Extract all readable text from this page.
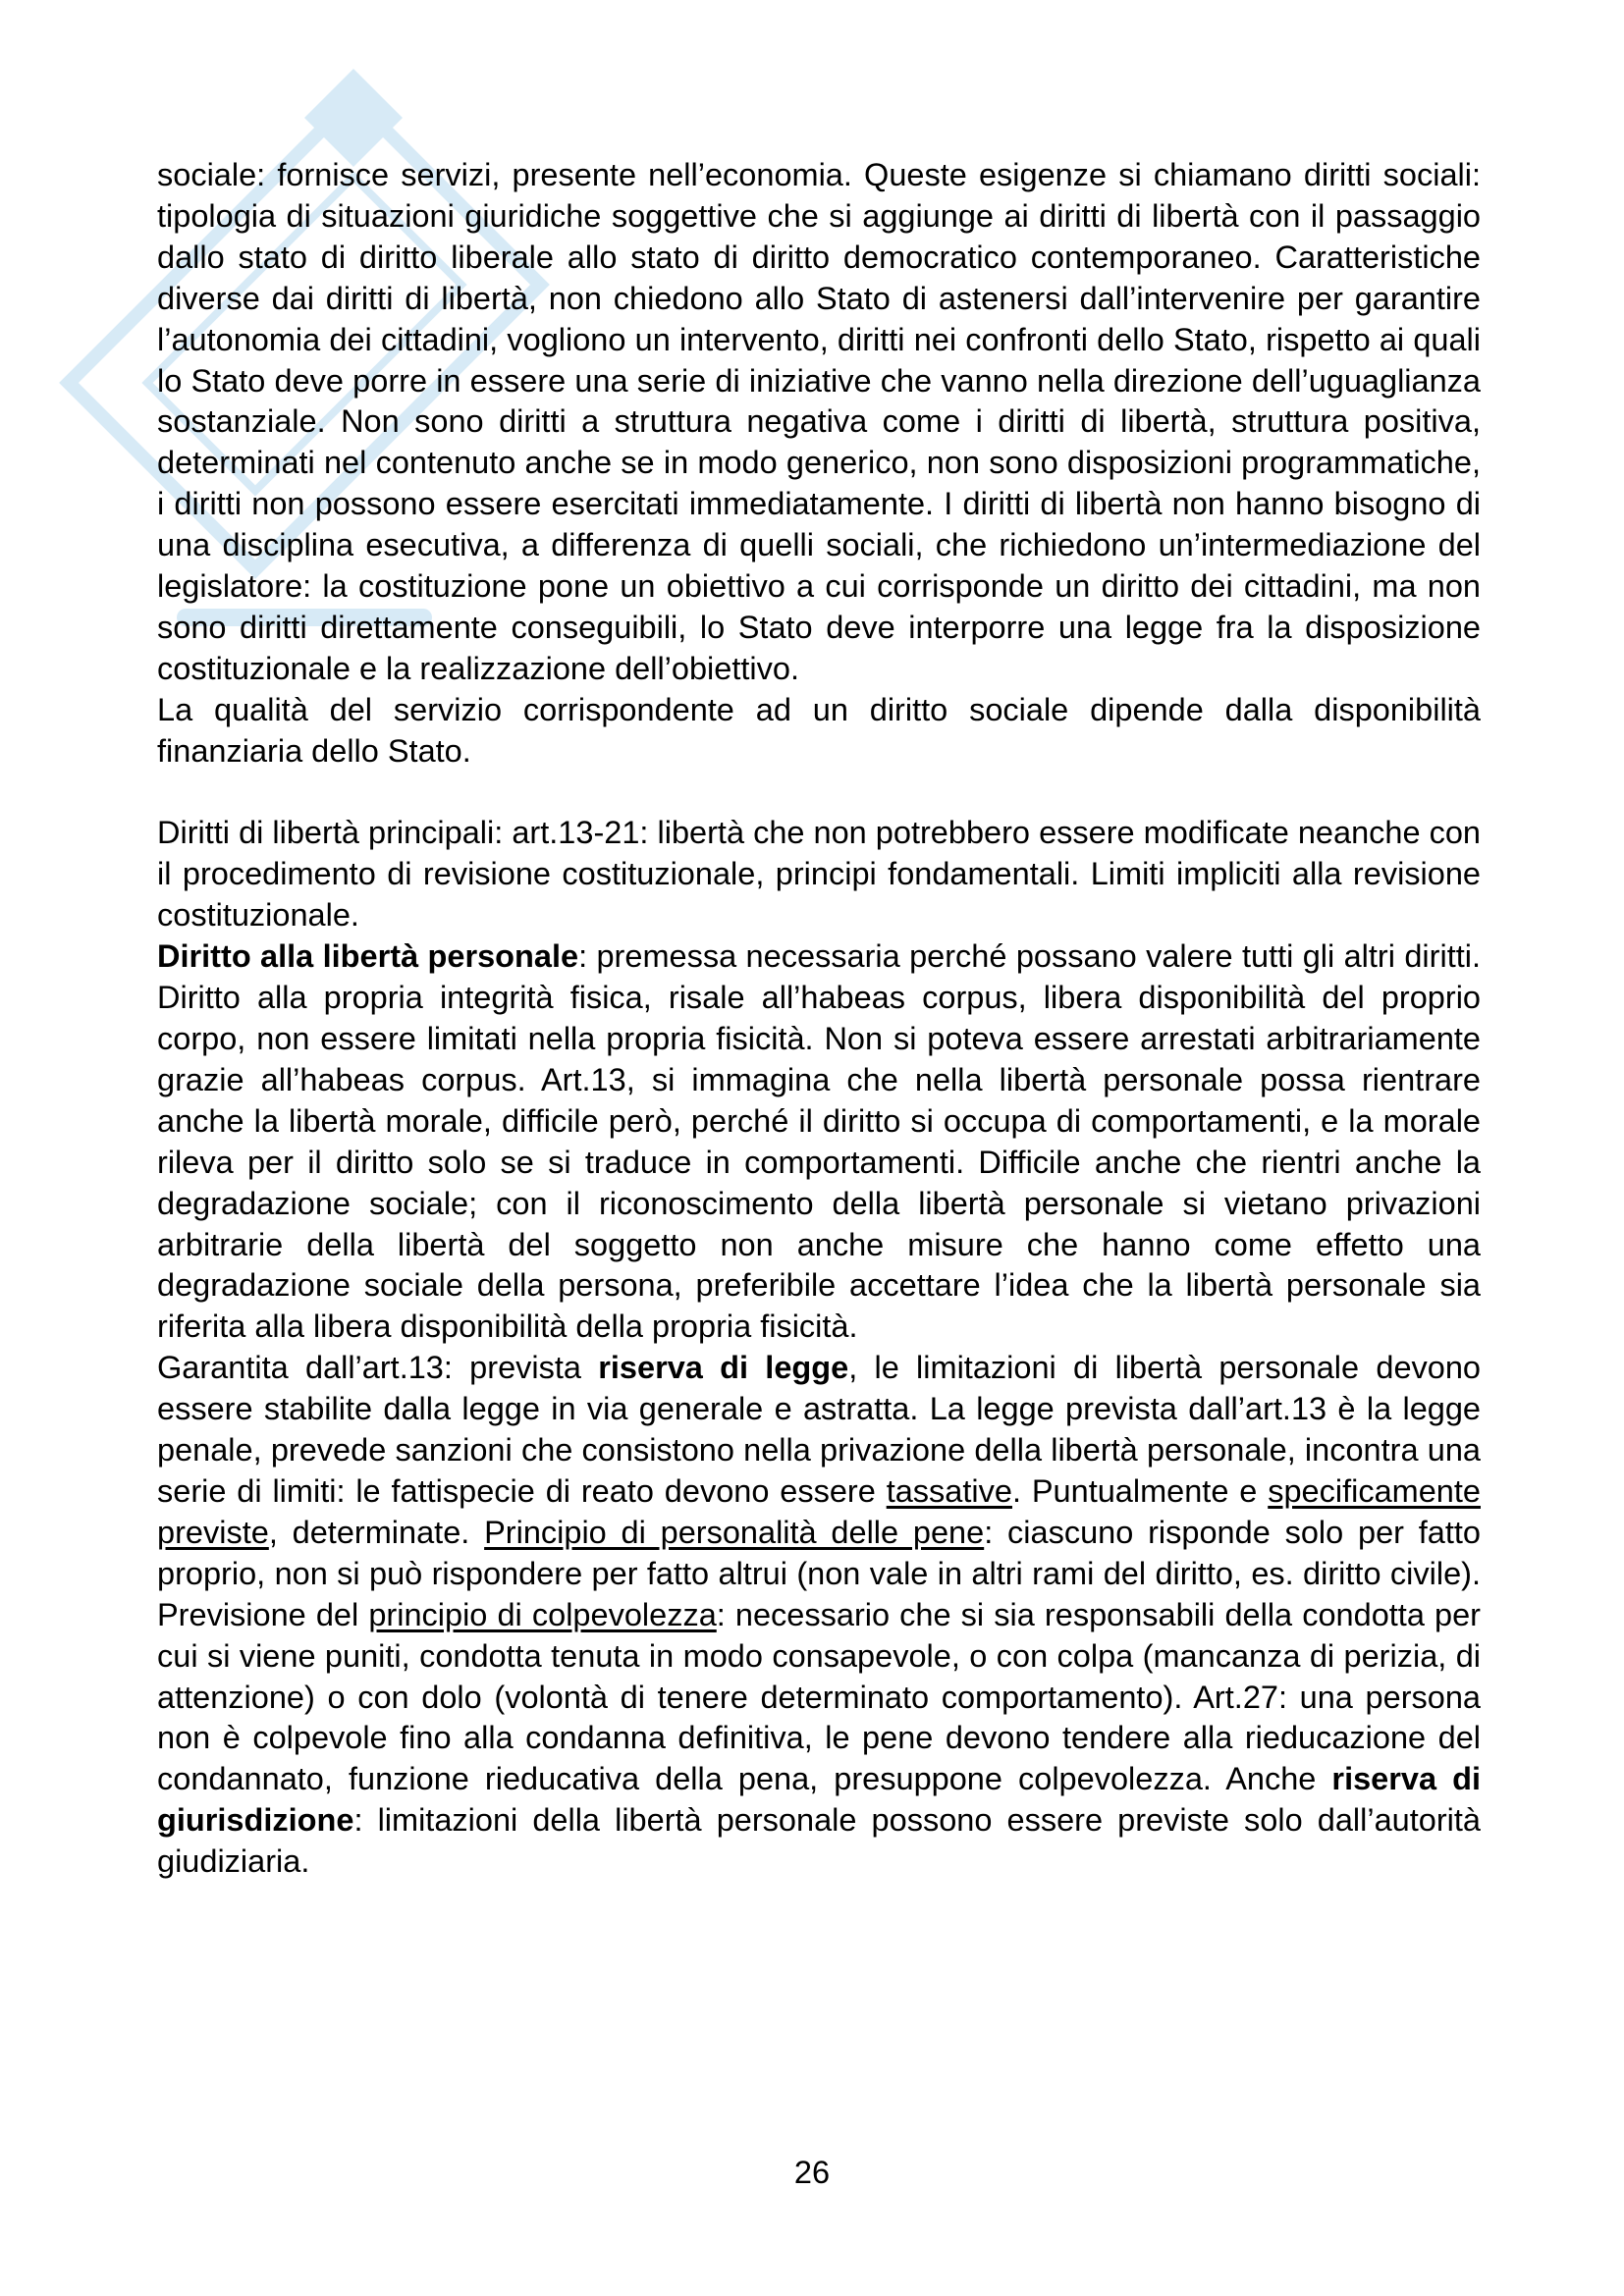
sociale: fornisce servizi, presente nell’economia. Queste esigenze si chiamano diritti sociali: tipologia di situazioni giuridiche soggettive che si aggiunge ai diritti di libertà con il passaggio dallo stato di diritto liberale allo stato di diritto democratico contemporaneo. Caratteristiche diverse dai diritti di libertà, non chiedono allo Stato di astenersi dall’intervenire per garantire l’autonomia dei cittadini, vogliono un intervento, diritti nei confronti dello Stato, rispetto ai quali lo Stato deve porre in essere una serie di iniziative che vanno nella direzione dell’uguaglianza sostanziale. Non sono diritti a struttura negativa come i diritti di libertà, struttura positiva, determinati nel contenuto anche se in modo generico, non sono disposizioni programmatiche, i diritti non possono essere esercitati immediatamente. I diritti di libertà non hanno bisogno di una disciplina esecutiva, a differenza di quelli sociali, che richiedono un’intermediazione del legislatore: la costituzione pone un obiettivo a cui corrisponde un diritto dei cittadini, ma non sono diritti direttamente conseguibili, lo Stato deve interporre una legge fra la disposizione costituzionale e la realizzazione dell’obiettivo.

La qualità del servizio corrispondente ad un diritto sociale dipende dalla disponibilità finanziaria dello Stato.

Diritti di libertà principali: art.13-21: libertà che non potrebbero essere modificate neanche con il procedimento di revisione costituzionale, principi fondamentali. Limiti impliciti alla revisione costituzionale.

Diritto alla libertà personale: premessa necessaria perché possano valere tutti gli altri diritti. Diritto alla propria integrità fisica, risale all’habeas corpus, libera disponibilità del proprio corpo, non essere limitati nella propria fisicità. Non si poteva essere arrestati arbitrariamente grazie all’habeas corpus. Art.13, si immagina che nella libertà personale possa rientrare anche la libertà morale, difficile però, perché il diritto si occupa di comportamenti, e la morale rileva per il diritto solo se si traduce in comportamenti. Difficile anche che rientri anche la degradazione sociale; con il riconoscimento della libertà personale si vietano privazioni arbitrarie della libertà del soggetto non anche misure che hanno come effetto una degradazione sociale della persona, preferibile accettare l’idea che la libertà personale sia riferita alla libera disponibilità della propria fisicità.

Garantita dall’art.13: prevista riserva di legge, le limitazioni di libertà personale devono essere stabilite dalla legge in via generale e astratta. La legge prevista dall’art.13 è la legge penale, prevede sanzioni che consistono nella privazione della libertà personale, incontra una serie di limiti: le fattispecie di reato devono essere tassative. Puntualmente e specificamente previste, determinate. Principio di personalità delle pene: ciascuno risponde solo per fatto proprio, non si può rispondere per fatto altrui (non vale in altri rami del diritto, es. diritto civile). Previsione del principio di colpevolezza: necessario che si sia responsabili della condotta per cui si viene puniti, condotta tenuta in modo consapevole, o con colpa (mancanza di perizia, di attenzione) o con dolo (volontà di tenere determinato comportamento). Art.27: una persona non è colpevole fino alla condanna definitiva, le pene devono tendere alla rieducazione del condannato, funzione rieducativa della pena, presuppone colpevolezza. Anche riserva di giurisdizione: limitazioni della libertà personale possono essere previste solo dall’autorità giudiziaria.

26
